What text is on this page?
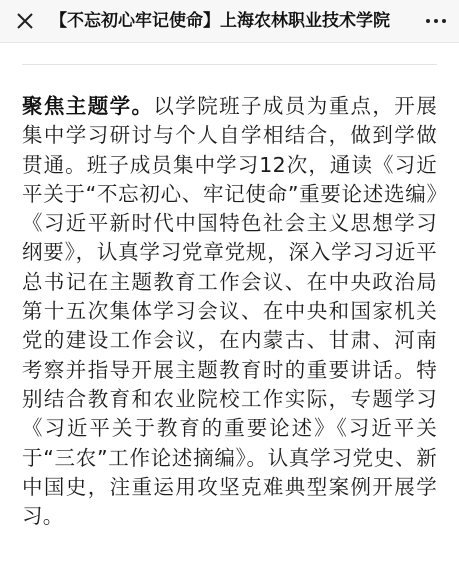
【不忘初心牢记使命】上海农林职业技术学院

聚焦主题学。以学院班子成员为重点，开展集中学习研讨与个人自学相结合，做到学做贯通。班子成员集中学习12次，通读《习近平关于“不忘初心、牢记使命”重要论述选编》《习近平新时代中国特色社会主义思想学习纲要》，认真学习党章党规，深入学习习近平总书记在主题教育工作会议、在中央政治局第十五次集体学习会议、在中央和国家机关党的建设工作会议，在内蒙古、甘肃、河南考察并指导开展主题教育时的重要讲话。特别结合教育和农业院校工作实际，专题学习《习近平关于教育的重要论述》《习近平关于“三农”工作论述摘编》。认真学习党史、新中国史，注重运用攻坚克难典型案例开展学习。
